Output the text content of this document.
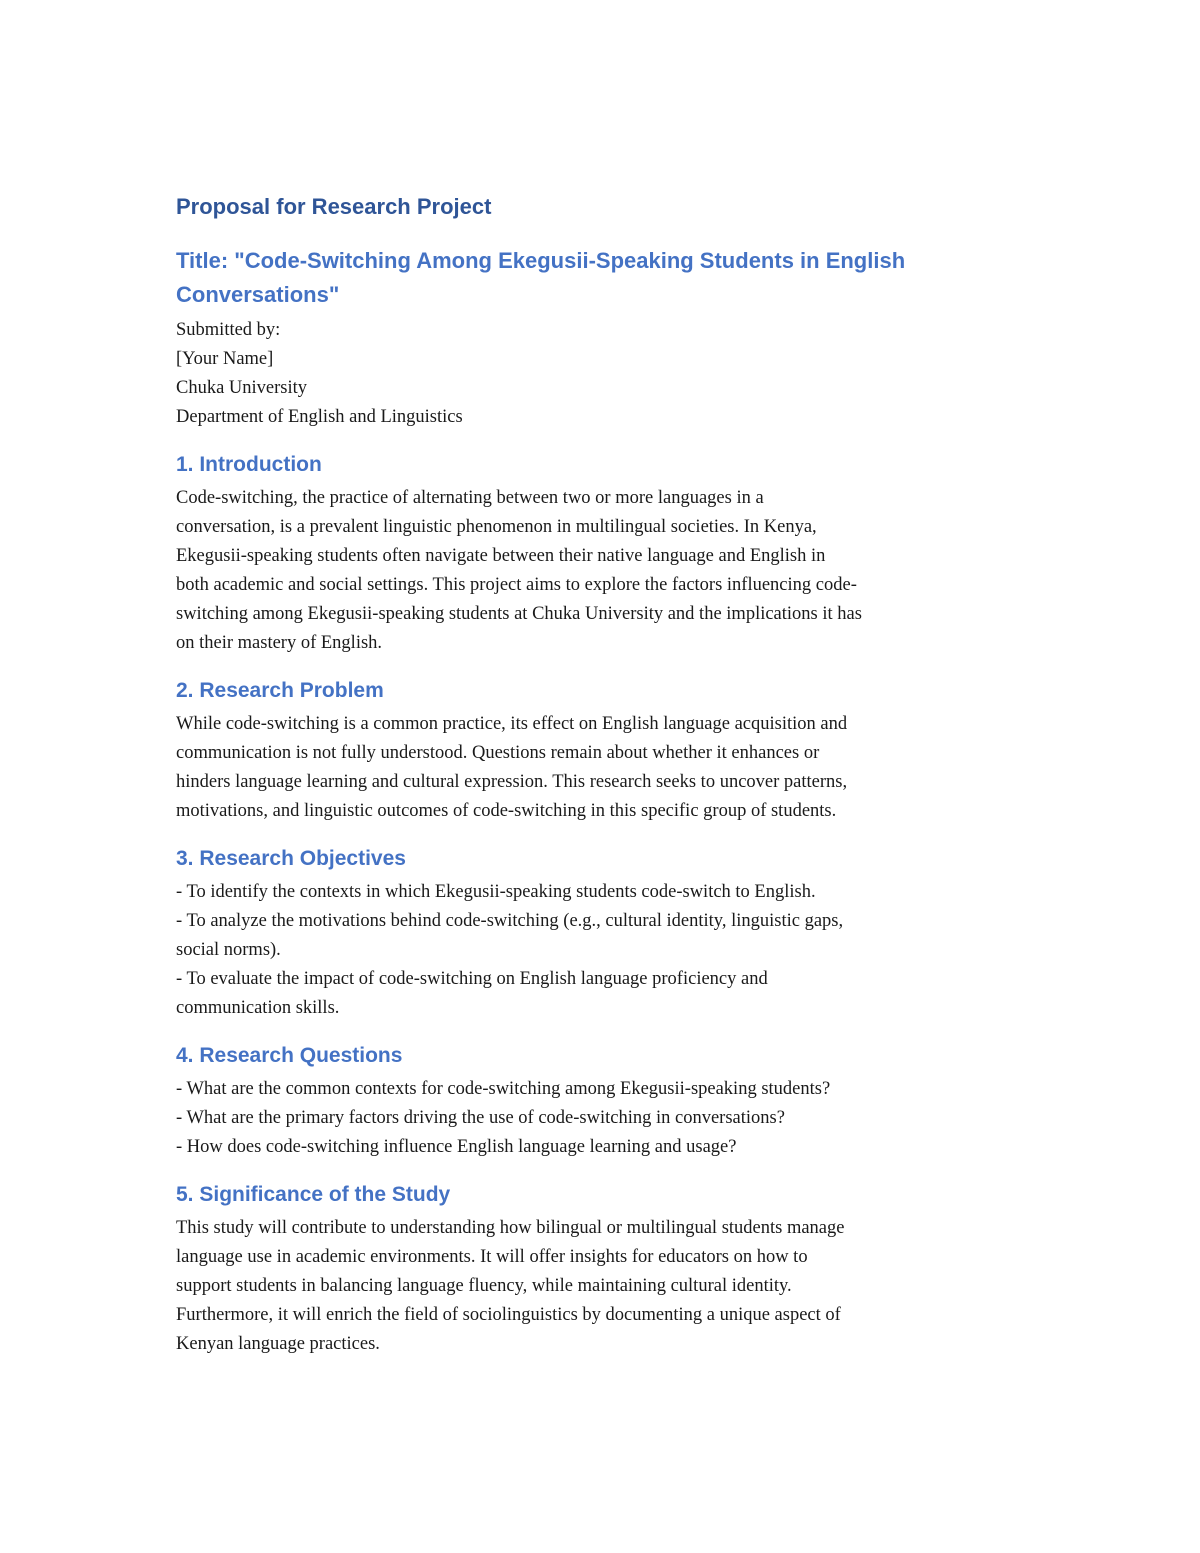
Proposal for Research Project
Title: "Code-Switching Among Ekegusii-Speaking Students in English
Conversations"
Submitted by:
[Your Name]
Chuka University
Department of English and Linguistics
1. Introduction

Code-switching, the practice of alternating between two or more languages in a
conversation, is a prevalent linguistic phenomenon in multilingual societies. In Kenya,
Ekegusii-speaking students often navigate between their native language and English in
both academic and social settings. This project aims to explore the factors influencing code-
switching among Ekegusii-speaking students at Chuka University and the implications it has
on their mastery of English.

2. Research Problem

While code-switching is a common practice, its effect on English language acquisition and
communication is not fully understood. Questions remain about whether it enhances or
hinders language learning and cultural expression. This research seeks to uncover patterns,
motivations, and linguistic outcomes of code-switching in this specific group of students.

3. Research Objectives

- To identify the contexts in which Ekegusii-speaking students code-switch to English.
- To analyze the motivations behind code-switching (e.g., cultural identity, linguistic gaps,
social norms).
- To evaluate the impact of code-switching on English language proficiency and
communication skills.

4. Research Questions

- What are the common contexts for code-switching among Ekegusii-speaking students?
- What are the primary factors driving the use of code-switching in conversations?
- How does code-switching influence English language learning and usage?

5. Significance of the Study

This study will contribute to understanding how bilingual or multilingual students manage
language use in academic environments. It will offer insights for educators on how to
support students in balancing language fluency, while maintaining cultural identity.
Furthermore, it will enrich the field of sociolinguistics by documenting a unique aspect of
Kenyan language practices.
